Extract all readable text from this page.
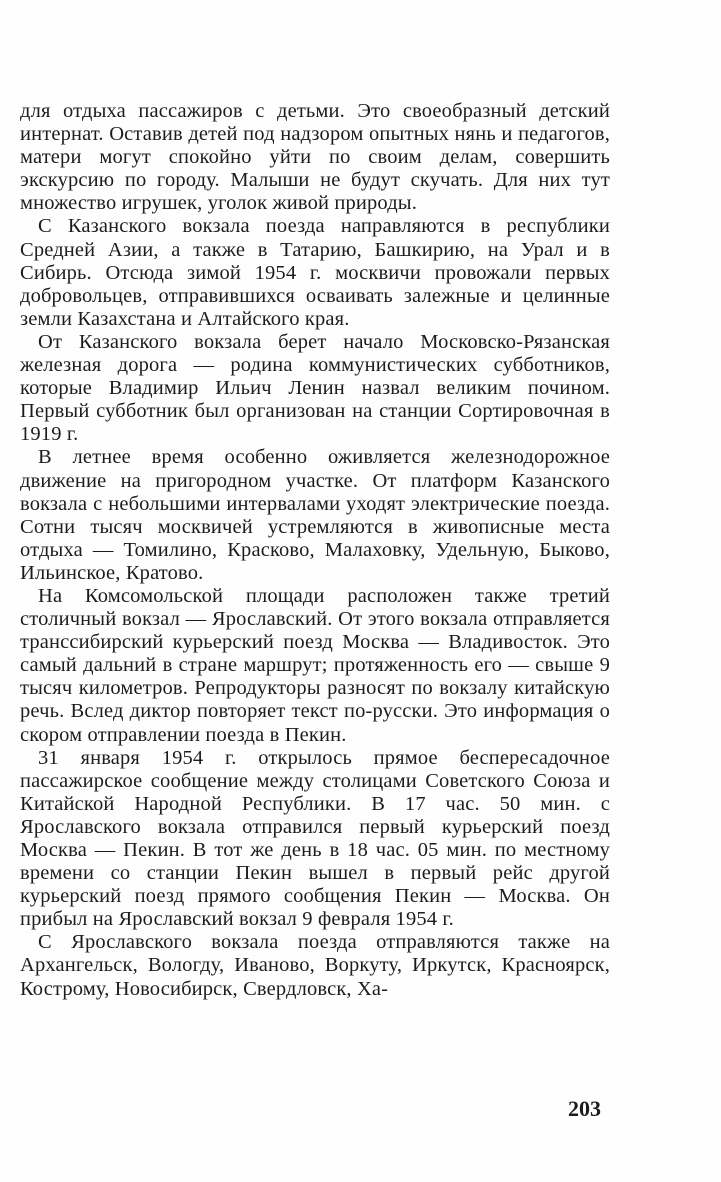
для отдыха пассажиров с детьми. Это своеобразный детский интернат. Оставив детей под надзором опытных нянь и педагогов, матери могут спокойно уйти по своим делам, совершить экскурсию по городу. Малыши не будут скучать. Для них тут множество игрушек, уголок живой природы.

С Казанского вокзала поезда направляются в республики Средней Азии, а также в Татарию, Башкирию, на Урал и в Сибирь. Отсюда зимой 1954 г. москвичи провожали первых добровольцев, отправившихся осваивать залежные и целинные земли Казахстана и Алтайского края.

От Казанского вокзала берет начало Московско-Рязанская железная дорога — родина коммунистических субботников, которые Владимир Ильич Ленин назвал великим почином. Первый субботник был организован на станции Сортировочная в 1919 г.

В летнее время особенно оживляется железнодорожное движение на пригородном участке. От платформ Казанского вокзала с небольшими интервалами уходят электрические поезда. Сотни тысяч москвичей устремляются в живописные места отдыха — Томилино, Красково, Малаховку, Удельную, Быково, Ильинское, Кратово.

На Комсомольской площади расположен также третий столичный вокзал — Ярославский. От этого вокзала отправляется транссибирский курьерский поезд Москва — Владивосток. Это самый дальний в стране маршрут; протяженность его — свыше 9 тысяч километров. Репродукторы разносят по вокзалу китайскую речь. Вслед диктор повторяет текст по-русски. Это информация о скором отправлении поезда в Пекин.

31 января 1954 г. открылось прямое беспересадочное пассажирское сообщение между столицами Советского Союза и Китайской Народной Республики. В 17 час. 50 мин. с Ярославского вокзала отправился первый курьерский поезд Москва — Пекин. В тот же день в 18 час. 05 мин. по местному времени со станции Пекин вышел в первый рейс другой курьерский поезд прямого сообщения Пекин — Москва. Он прибыл на Ярославский вокзал 9 февраля 1954 г.

С Ярославского вокзала поезда отправляются также на Архангельск, Вологду, Иваново, Воркуту, Иркутск, Красноярск, Кострому, Новосибирск, Свердловск, Ха-

203
